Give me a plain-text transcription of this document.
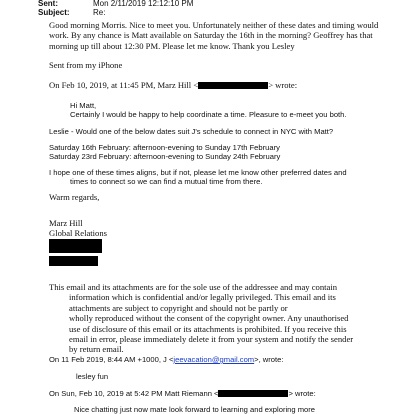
Sent:	Mon 2/11/2019 12:12:10 PM
Subject:	Re:
Good morning Morris. Nice to meet you. Unfortunately neither of these dates and timing would
work. By any chance is Matt available on Saturday the 16th in the morning? Geoffrey has that
morning up till about 12:30 PM. Please let me know. Thank you Lesley
Sent from my iPhone
On Feb 10, 2019, at 11:45 PM, Marz Hill <	> wrote:
Hi Matt,
Certainly I would be happy to help coordinate a time. Pleasure to e-meet you both.
Leslie - Would one of the below dates suit J's schedule to connect in NYC with Matt?
Saturday 16th February: afternoon-evening to Sunday 17th February
Saturday 23rd February: afternoon-evening to Sunday 24th February
I hope one of these times aligns, but if not, please let me know other preferred dates and
times to connect so we can find a mutual time from there.
Warm regards,
Marz Hill
Global Relations
This email and its attachments are for the sole use of the addressee and may contain
information which is confidential and/or legally privileged. This email and its
attachments are subject to copyright and should not be partly or
wholly reproduced without the consent of the copyright owner. Any unauthorised
use of disclosure of this email or its attachments is prohibited. If you receive this
email in error, please immediately delete it from your system and notify the sender
by return email.
On 11 Feb 2019, 8:44 AM +1000, J <jeevacation@gmail.com>, wrote:
lesley fun
On Sun, Feb 10, 2019 at 5:42 PM Matt Riemann <	> wrote:
Nice chatting just now mate look forward to learning and exploring more
